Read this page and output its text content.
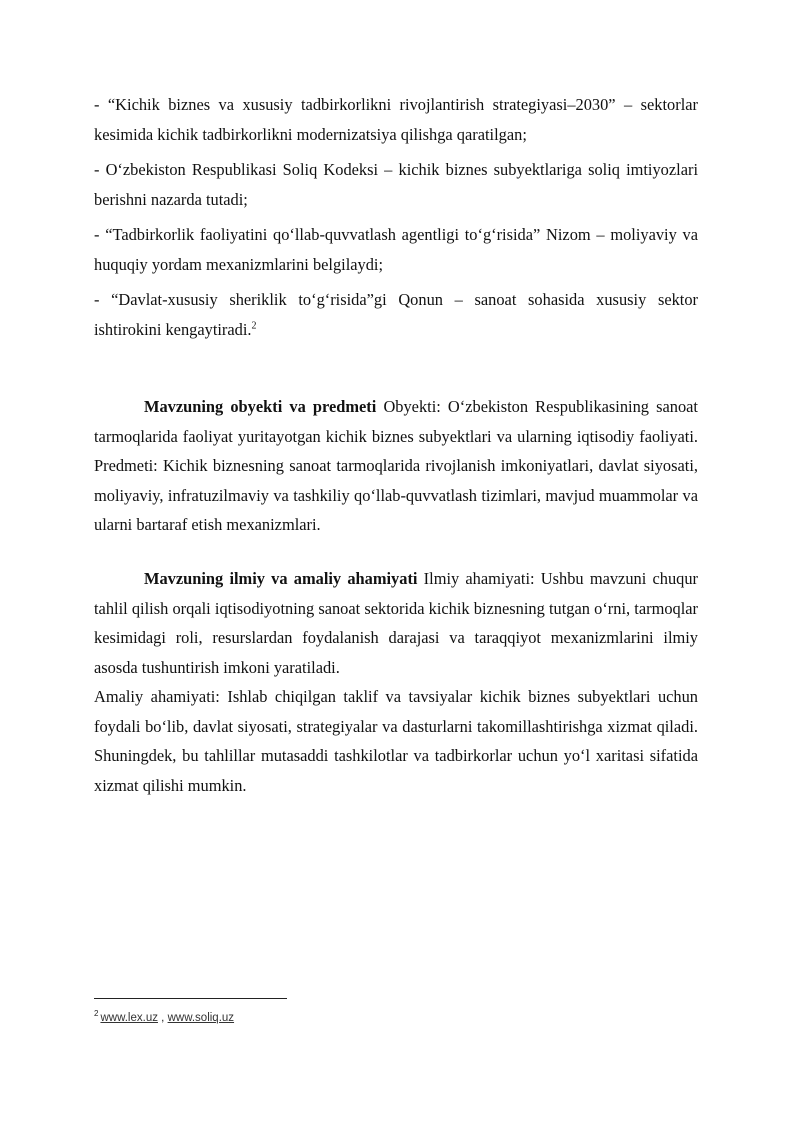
- “Kichik biznes va xususiy tadbirkorlikni rivojlantirish strategiyasi–2030” – sektorlar kesimida kichik tadbirkorlikni modernizatsiya qilishga qaratilgan;

- O‘zbekiston Respublikasi Soliq Kodeksi – kichik biznes subyektlariga soliq imtiyozlari berishni nazarda tutadi;

- “Tadbirkorlik faoliyatini qo‘llab-quvvatlash agentligi to‘g‘risida” Nizom – moliyaviy va huquqiy yordam mexanizmlarini belgilaydi;

- “Davlat-xususiy sheriklik to‘g‘risida”gi Qonun – sanoat sohasida xususiy sektor ishtirokini kengaytiradi.$^2$

Mavzuning obyekti va predmeti Obyekti: O‘zbekiston Respublikasining sanoat tarmoqlarida faoliyat yuritayotgan kichik biznes subyektlari va ularning iqtisodiy faoliyati. Predmeti: Kichik biznesning sanoat tarmoqlarida rivojlanish imkoniyatlari, davlat siyosati, moliyaviy, infratuzilmaviy va tashkiliy qo‘llab-quvvatlash tizimlari, mavjud muammolar va ularni bartaraf etish mexanizmlari.

Mavzuning ilmiy va amaliy ahamiyati Ilmiy ahamiyati: Ushbu mavzuni chuqur tahlil qilish orqali iqtisodiyotning sanoat sektorida kichik biznesning tutgan o‘rni, tarmoqlar kesimidagi roli, resurslardan foydalanish darajasi va taraqqiyot mexanizmlarini ilmiy asosda tushuntirish imkoni yaratiladi.

Amaliy ahamiyati: Ishlab chiqilgan taklif va tavsiyalar kichik biznes subyektlari uchun foydali bo‘lib, davlat siyosati, strategiyalar va dasturlarni takomillashtirishga xizmat qiladi. Shuningdek, bu tahlillar mutasaddi tashkilotlar va tadbirkorlar uchun yo‘l xaritasi sifatida xizmat qilishi mumkin.

$^2$ www.lex.uz , www.soliq.uz
